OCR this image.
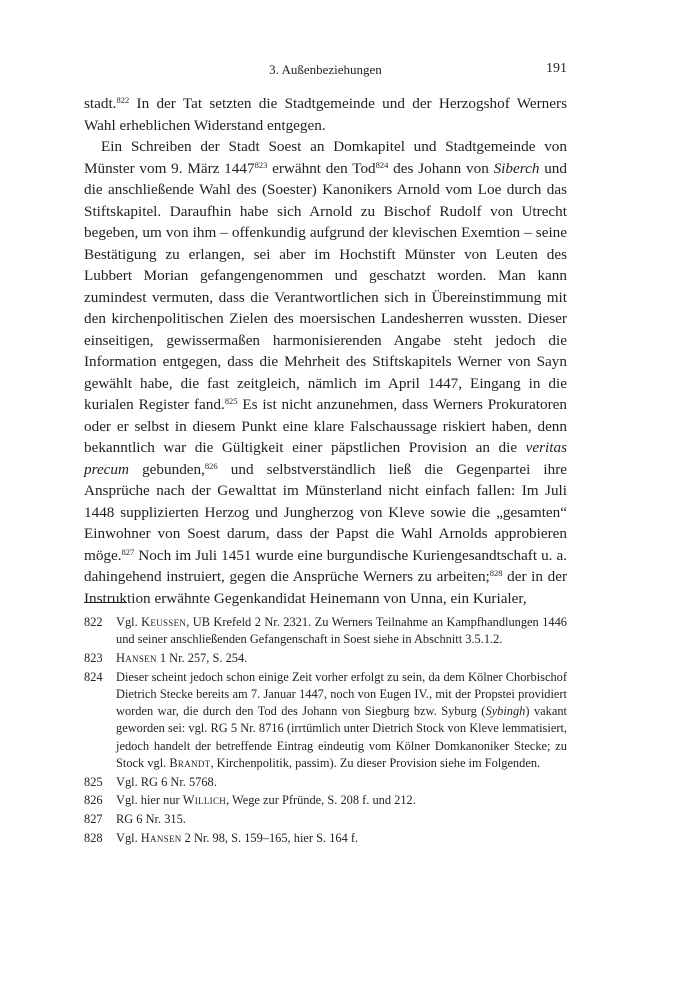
3. Außenbeziehungen	191

stadt.$^{822}$ In der Tat setzten die Stadtgemeinde und der Herzogshof Werners Wahl erheblichen Widerstand entgegen.

Ein Schreiben der Stadt Soest an Domkapitel und Stadtgemeinde von Münster vom 9. März 1447$^{823}$ erwähnt den Tod$^{824}$ des Johann von Siberch und die anschließende Wahl des (Soester) Kanonikers Arnold vom Loe durch das Stiftskapitel. Daraufhin habe sich Arnold zu Bischof Rudolf von Utrecht begeben, um von ihm – offenkundig aufgrund der klevischen Exemtion – seine Bestätigung zu erlangen, sei aber im Hochstift Münster von Leuten des Lubbert Morian gefangengenommen und geschatzt worden. Man kann zumindest vermuten, dass die Verantwortlichen sich in Übereinstimmung mit den kirchenpolitischen Zielen des moersischen Landesherren wussten. Dieser einseitigen, gewissermaßen harmonisierenden Angabe steht jedoch die Information entgegen, dass die Mehrheit des Stiftskapitels Werner von Sayn gewählt habe, die fast zeitgleich, nämlich im April 1447, Eingang in die kurialen Register fand.$^{825}$ Es ist nicht anzunehmen, dass Werners Prokuratoren oder er selbst in diesem Punkt eine klare Falschaussage riskiert haben, denn bekanntlich war die Gültigkeit einer päpstlichen Provision an die veritas precum gebunden,$^{826}$ und selbstverständlich ließ die Gegenpartei ihre Ansprüche nach der Gewalttat im Münsterland nicht einfach fallen: Im Juli 1448 supplizierten Herzog und Jungherzog von Kleve sowie die „gesamten“ Einwohner von Soest darum, dass der Papst die Wahl Arnolds approbieren möge.$^{827}$ Noch im Juli 1451 wurde eine burgundische Kuriengesandtschaft u. a. dahingehend instruiert, gegen die Ansprüche Werners zu arbeiten;$^{828}$ der in der Instruktion erwähnte Gegenkandidat Heinemann von Unna, ein Kurialer,

822	Vgl. Keussen, UB Krefeld 2 Nr. 2321. Zu Werners Teilnahme an Kampfhandlungen 1446 und seiner anschließenden Gefangenschaft in Soest siehe in Abschnitt 3.5.1.2.
823	Hansen 1 Nr. 257, S. 254.
824	Dieser scheint jedoch schon einige Zeit vorher erfolgt zu sein, da dem Kölner Chorbischof Dietrich Stecke bereits am 7. Januar 1447, noch von Eugen IV., mit der Propstei providiert worden war, die durch den Tod des Johann von Siegburg bzw. Syburg (Sybingh) vakant geworden sei: vgl. RG 5 Nr. 8716 (irrtümlich unter Dietrich Stock von Kleve lemmatisiert, jedoch handelt der betreffende Eintrag eindeutig vom Kölner Domkanoniker Stecke; zu Stock vgl. Brandt, Kirchenpolitik, passim). Zu dieser Provision siehe im Folgenden.
825	Vgl. RG 6 Nr. 5768.
826	Vgl. hier nur Willich, Wege zur Pfründe, S. 208 f. und 212.
827	RG 6 Nr. 315.
828	Vgl. Hansen 2 Nr. 98, S. 159–165, hier S. 164 f.
